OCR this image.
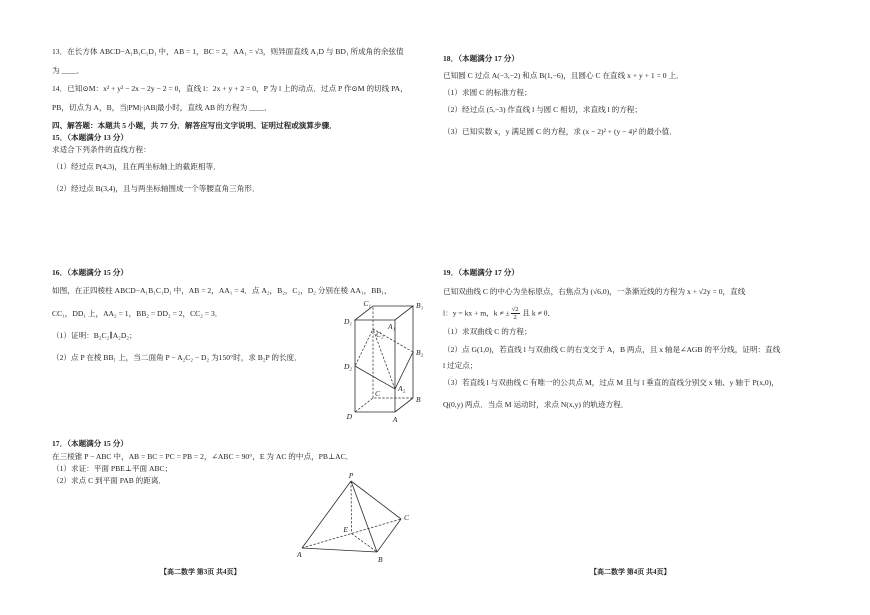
13．在长方体 ABCD−A₁B₁C₁D₁ 中，AB = 1，BC = 2，AA₁ = √3，则异面直线 A₁D 与 BD₁ 所成角的余弦值
为 ____．
14．已知⊙M：x² + y² − 2x − 2y − 2 = 0，直线 l：2x + y + 2 = 0，P 为 l 上的动点．过点 P 作⊙M 的切线 PA，
PB，切点为 A，B，当|PM|·|AB|最小时，直线 AB 的方程为 ____．
四、解答题：本题共 5 小题，共 77 分．解答应写出文字说明、证明过程或演算步骤．
15．（本题满分 13 分）
求适合下列条件的直线方程：
（1）经过点 P(4,3)，且在两坐标轴上的截距相等．
（2）经过点 B(3,4)，且与两坐标轴围成一个等腰直角三角形．
16．（本题满分 15 分）
如图，在正四棱柱 ABCD−A₁B₁C₁D₁ 中，AB = 2，AA₁ = 4．点 A₂，B₂，C₂，D₂ 分别在棱 AA₁，BB₁，
CC₁，DD₁ 上，AA₂ = 1，BB₂ = DD₂ = 2，CC₂ = 3．
（1）证明：B₂C₂∥A₂D₂；
（2）点 P 在棱 BB₁ 上，当二面角 P − A₂C₂ − D₂ 为150°时，求 B₂P 的长度．
C₁	B₁
A₁
D₁
C₂
B₂
D₂
A₂
C
B
D	A
17．（本题满分 15 分）
在三棱锥 P − ABC 中，AB = BC = PC = PB = 2，∠ABC = 90°，E 为 AC 的中点，PB⊥AC．
（1）求证：平面 PBE⊥平面 ABC；
（2）求点 C 到平面 PAB 的距离．
P
A
B
C
E
【高二数学 第3页 共4页】
18．（本题满分 17 分）
已知圆 C 过点 A(−3,−2) 和点 B(1,−6)，且圆心 C 在直线 x + y + 1 = 0 上．
（1）求圆 C 的标准方程；
（2）经过点 (5,−3) 作直线 l 与圆 C 相切，求直线 l 的方程；
（3）已知实数 x，y 满足圆 C 的方程，求 (x − 2)² + (y − 4)² 的最小值．
19．（本题满分 17 分）
已知双曲线 C 的中心为坐标原点，右焦点为 (√6,0)，一条渐近线的方程为 x + √2y = 0，直线
l：y = kx + m，k ≠ ± $\frac{√2}{2}$ 且 k ≠ 0．
（1）求双曲线 C 的方程；
（2）点 G(1,0)，若直线 l 与双曲线 C 的右支交于 A，B 两点，且 x 轴是∠AGB 的平分线，证明：直线
l 过定点；
（3）若直线 l 与双曲线 C 有唯一的公共点 M，过点 M 且与 l 垂直的直线分别交 x 轴、y 轴于 P(x,0)，
Q(0,y) 两点．当点 M 运动时，求点 N(x,y) 的轨迹方程．
【高二数学 第4页 共4页】
